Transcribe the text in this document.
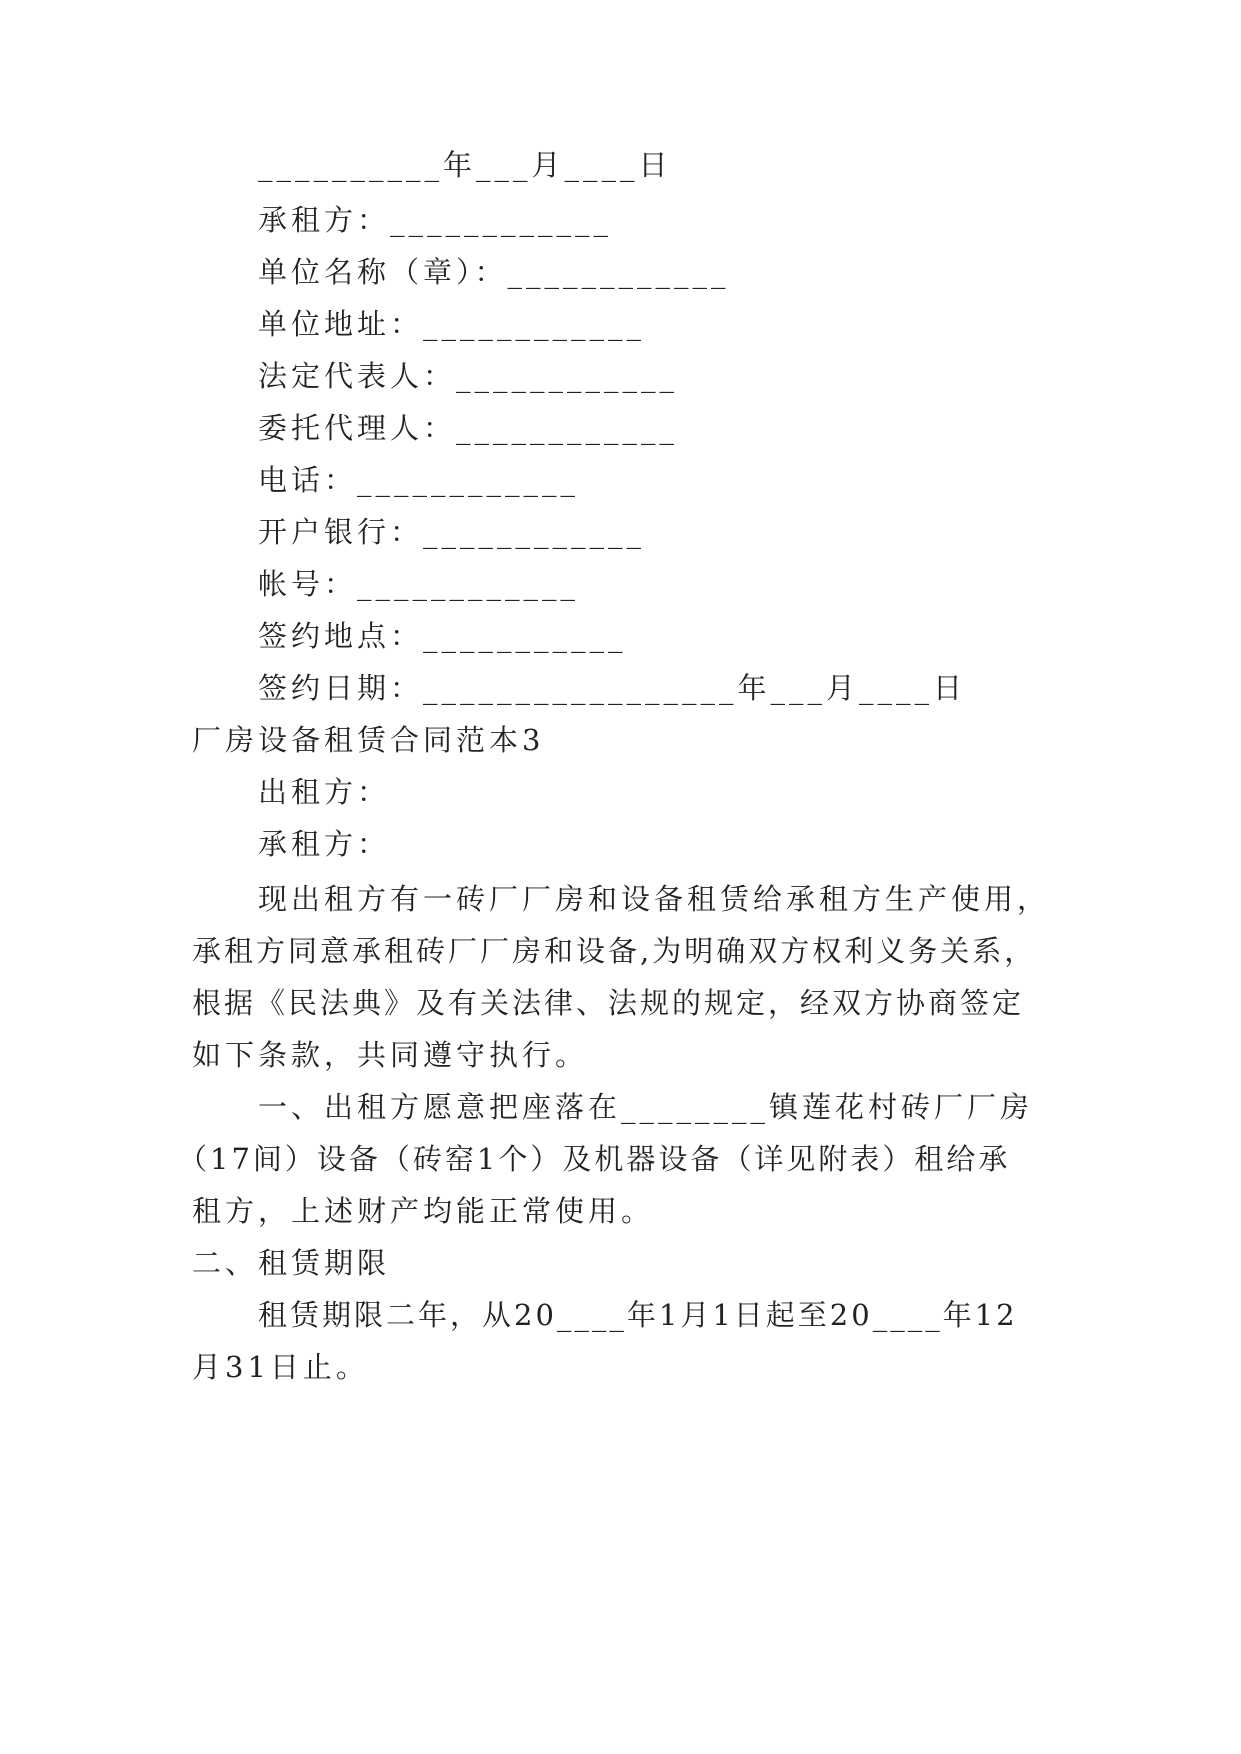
__________年___月____日
承租方：____________
单位名称（章）：____________
单位地址：____________
法定代表人：____________
委托代理人：____________
电话：____________
开户银行：____________
帐号：____________
签约地点：___________
签约日期：_________________年___月____日
厂房设备租赁合同范本3
出租方：
承租方：
现出租方有一砖厂厂房和设备租赁给承租方生产使用，
承租方同意承租砖厂厂房和设备,为明确双方权利义务关系，
根据《民法典》及有关法律、法规的规定，经双方协商签定
如下条款，共同遵守执行。
一、出租方愿意把座落在________镇莲花村砖厂厂房
（17间）设备（砖窑1个）及机器设备（详见附表）租给承
租方，上述财产均能正常使用。
二、租赁期限
租赁期限二年，从20____年1月1日起至20____年12
月31日止。
